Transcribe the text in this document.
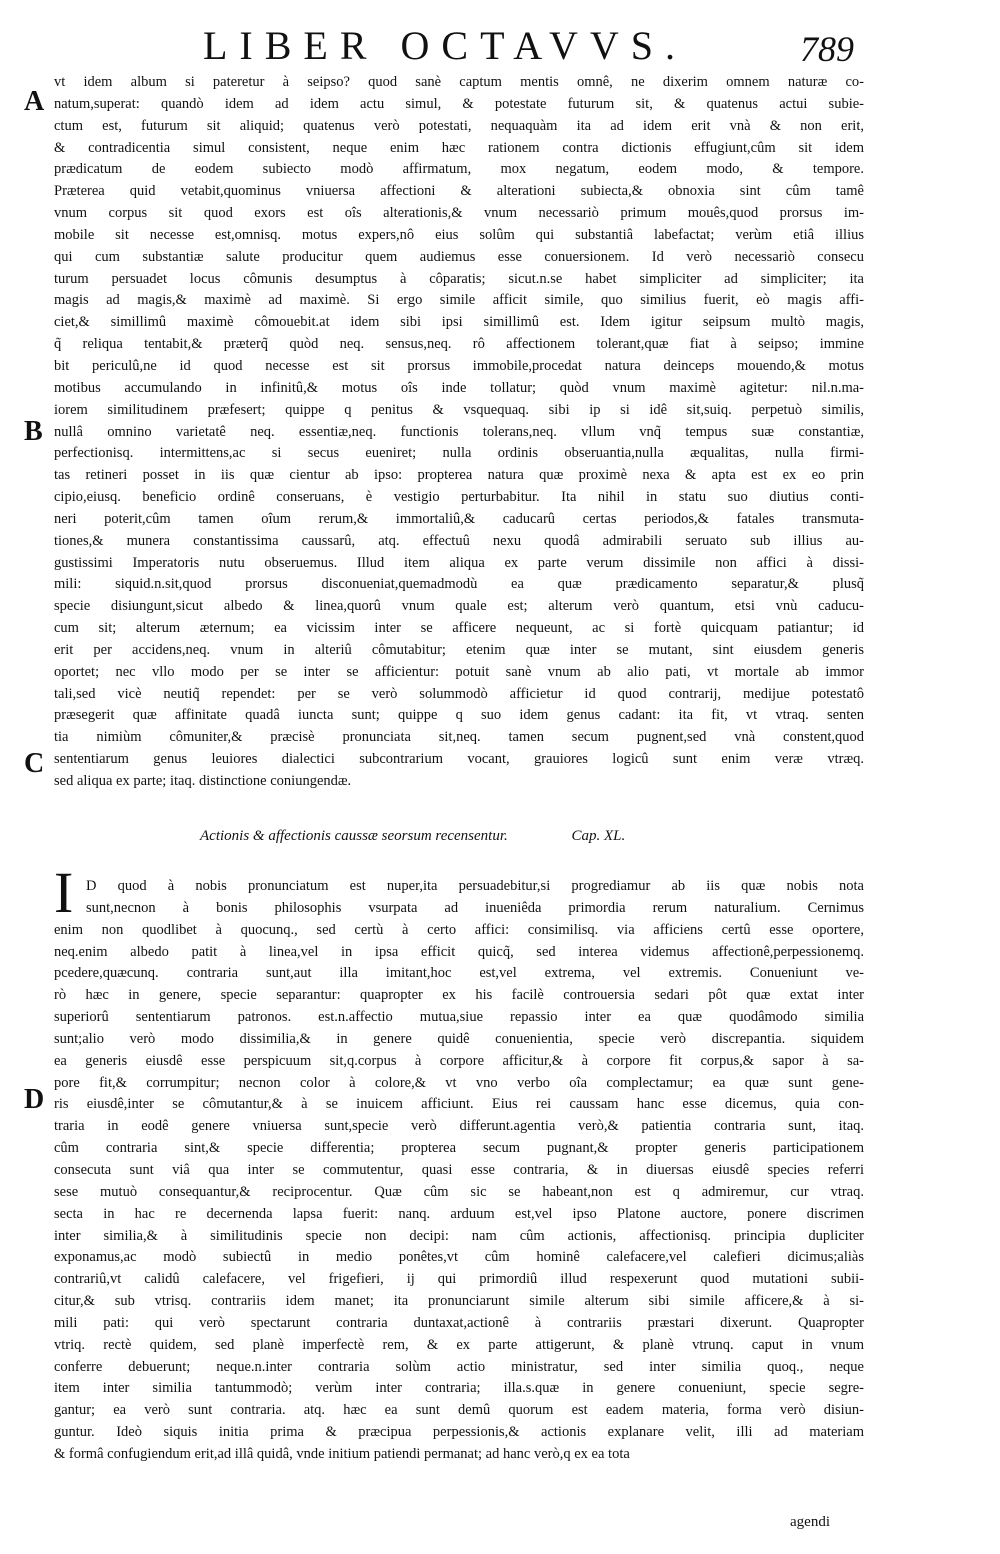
LIBER OCTAVVS.	789
A
B
C
D
vt idem album si pateretur à seipso? quod sanè captum mentis omnê, ne dixerim omnem naturæ co-
natum,superat: quandò idem ad idem actu simul, & potestate futurum sit, & quatenus actui subie-
ctum est, futurum sit aliquid; quatenus verò potestati, nequaquàm ita ad idem erit vnà & non erit,
& contradicentia simul consistent, neque enim hæc rationem contra dictionis effugiunt,cûm sit idem
prædicatum de eodem subiecto modò affirmatum, mox negatum, eodem modo, & tempore.
Præterea quid vetabit,quominus vniuersa affectioni & alterationi subiecta,& obnoxia sint cûm tamê
vnum corpus sit quod exors est oîs alterationis,& vnum necessariò primum mouês,quod prorsus im-
mobile sit necesse est,omnisq. motus expers,nô eius solûm qui substantiâ labefactat; verùm etiâ illius
qui cum substantiæ salute producitur quem audiemus esse conuersionem. Id verò necessariò consecu
turum persuadet locus cômunis desumptus à côparatis; sicut.n.se habet simpliciter ad simpliciter; ita
magis ad magis,& maximè ad maximè. Si ergo simile afficit simile, quo similius fuerit, eò magis affi-
ciet,& simillimû maximè cômouebit.at idem sibi ipsi simillimû est. Idem igitur seipsum multò magis,
q̃ reliqua tentabit,& præterq̃ quòd neq. sensus,neq. rô affectionem tolerant,quæ fiat à seipso; immine
bit periculû,ne id quod necesse est sit prorsus immobile,procedat natura deinceps mouendo,& motus
motibus accumulando in infinitû,& motus oîs inde tollatur; quòd vnum maximè agitetur: nil.n.ma-
iorem similitudinem præfesert; quippe q penitus & vsquequaq. sibi ip si idê sit,suiq. perpetuò similis,
nullâ omnino varietatê neq. essentiæ,neq. functionis tolerans,neq. vllum vnq̃ tempus suæ constantiæ,
perfectionisq. intermittens,ac si secus eueniret; nulla ordinis obseruantia,nulla æqualitas, nulla firmi-
tas retineri posset in iis quæ cientur ab ipso: propterea natura quæ proximè nexa & apta est ex eo prin
cipio,eiusq. beneficio ordinê conseruans, è vestigio perturbabitur. Ita nihil in statu suo diutius conti-
neri poterit,cûm tamen oîum rerum,& immortaliû,& caducarû certas periodos,& fatales transmuta-
tiones,& munera constantissima caussarû, atq. effectuû nexu quodâ admirabili seruato sub illius au-
gustissimi Imperatoris nutu obseruemus. Illud item aliqua ex parte verum dissimile non affici à dissi-
mili: siquid.n.sit,quod prorsus disconueniat,quemadmodù ea quæ prædicamento separatur,& plusq̃
specie disiungunt,sicut albedo & linea,quorû vnum quale est; alterum verò quantum, etsi vnù caducu-
cum sit; alterum æternum; ea vicissim inter se afficere nequeunt, ac si fortè quicquam patiantur; id
erit per accidens,neq. vnum in alteriû cômutabitur; etenim quæ inter se mutant, sint eiusdem generis
oportet; nec vllo modo per se inter se afficientur: potuit sanè vnum ab alio pati, vt mortale ab immor
tali,sed vicè neutiq̃ rependet: per se verò solummodò afficietur id quod contrarij, medijue potestatô
præsegerit quæ affinitate quadâ iuncta sunt; quippe q suo idem genus cadant: ita fit, vt vtraq. senten
tia nimiùm cômuniter,& præcisè pronunciata sit,neq. tamen secum pugnent,sed vnà constent,quod
sententiarum genus leuiores dialectici subcontrarium vocant, grauiores logicû sunt enim veræ vtræq.
sed aliqua ex parte; itaq. distinctione coniungendæ.
Actionis & affectionis caussæ seorsum recensentur.	Cap. XL.
I D quod à nobis pronunciatum est nuper,ita persuadebitur,si progrediamur ab iis quæ nobis nota
sunt,necnon à bonis philosophis vsurpata ad inueniêda primordia rerum naturalium. Cernimus
enim non quodlibet à quocunq., sed certù à certo affici: consimilisq. via afficiens certû esse oportere,
neq.enim albedo patit à linea,vel in ipsa efficit quicq̃, sed interea videmus affectionê,perpessionemq.
pcedere,quæcunq. contraria sunt,aut illa imitant,hoc est,vel extrema, vel extremis. Conueniunt ve-
rò hæc in genere, specie separantur: quapropter ex his facilè controuersia sedari pôt quæ extat inter
superiorû sententiarum patronos. est.n.affectio mutua,siue repassio inter ea quæ quodâmodo similia
sunt;alio verò modo dissimilia,& in genere quidê conuenientia, specie verò discrepantia. siquidem
ea generis eiusdê esse perspicuum sit,q.corpus à corpore afficitur,& à corpore fit corpus,& sapor à sa-
pore fit,& corrumpitur; necnon color à colore,& vt vno verbo oîa complectamur; ea quæ sunt gene-
ris eiusdê,inter se cômutantur,& à se inuicem afficiunt. Eius rei caussam hanc esse dicemus, quia con-
traria in eodê genere vniuersa sunt,specie verò differunt.agentia verò,& patientia contraria sunt, itaq.
cûm contraria sint,& specie differentia; propterea secum pugnant,& propter generis participationem
consecuta sunt viâ qua inter se commutentur, quasi esse contraria, & in diuersas eiusdê species referri
sese mutuò consequantur,& reciprocentur. Quæ cûm sic se habeant,non est q admiremur, cur vtraq.
secta in hac re decernenda lapsa fuerit: nanq. arduum est,vel ipso Platone auctore, ponere discrimen
inter similia,& à similitudinis specie non decipi: nam cûm actionis, affectionisq. principia dupliciter
exponamus,ac modò subiectû in medio ponêtes,vt cûm hominê calefacere,vel calefieri dicimus;aliàs
contrariû,vt calidû calefacere, vel frigefieri, ij qui primordiû illud respexerunt quod mutationi subii-
citur,& sub vtrisq. contrariis idem manet; ita pronunciarunt simile alterum sibi simile afficere,& à si-
mili pati: qui verò spectarunt contraria duntaxat,actionê à contrariis præstari dixerunt. Quapropter
vtriq. rectè quidem, sed planè imperfectè rem, & ex parte attigerunt, & planè vtrunq. caput in vnum
conferre debuerunt; neque.n.inter contraria solùm actio ministratur, sed inter similia quoq., neque
item inter similia tantummodò; verùm inter contraria; illa.s.quæ in genere conueniunt, specie segre-
gantur; ea verò sunt contraria. atq. hæc ea sunt demû quorum est eadem materia, forma verò disiun-
guntur. Ideò siquis initia prima & præcipua perpessionis,& actionis explanare velit, illi ad materiam
& formâ confugiendum erit,ad illâ quidâ, vnde initium patiendi permanat; ad hanc verò,q ex ea tota
agendi
